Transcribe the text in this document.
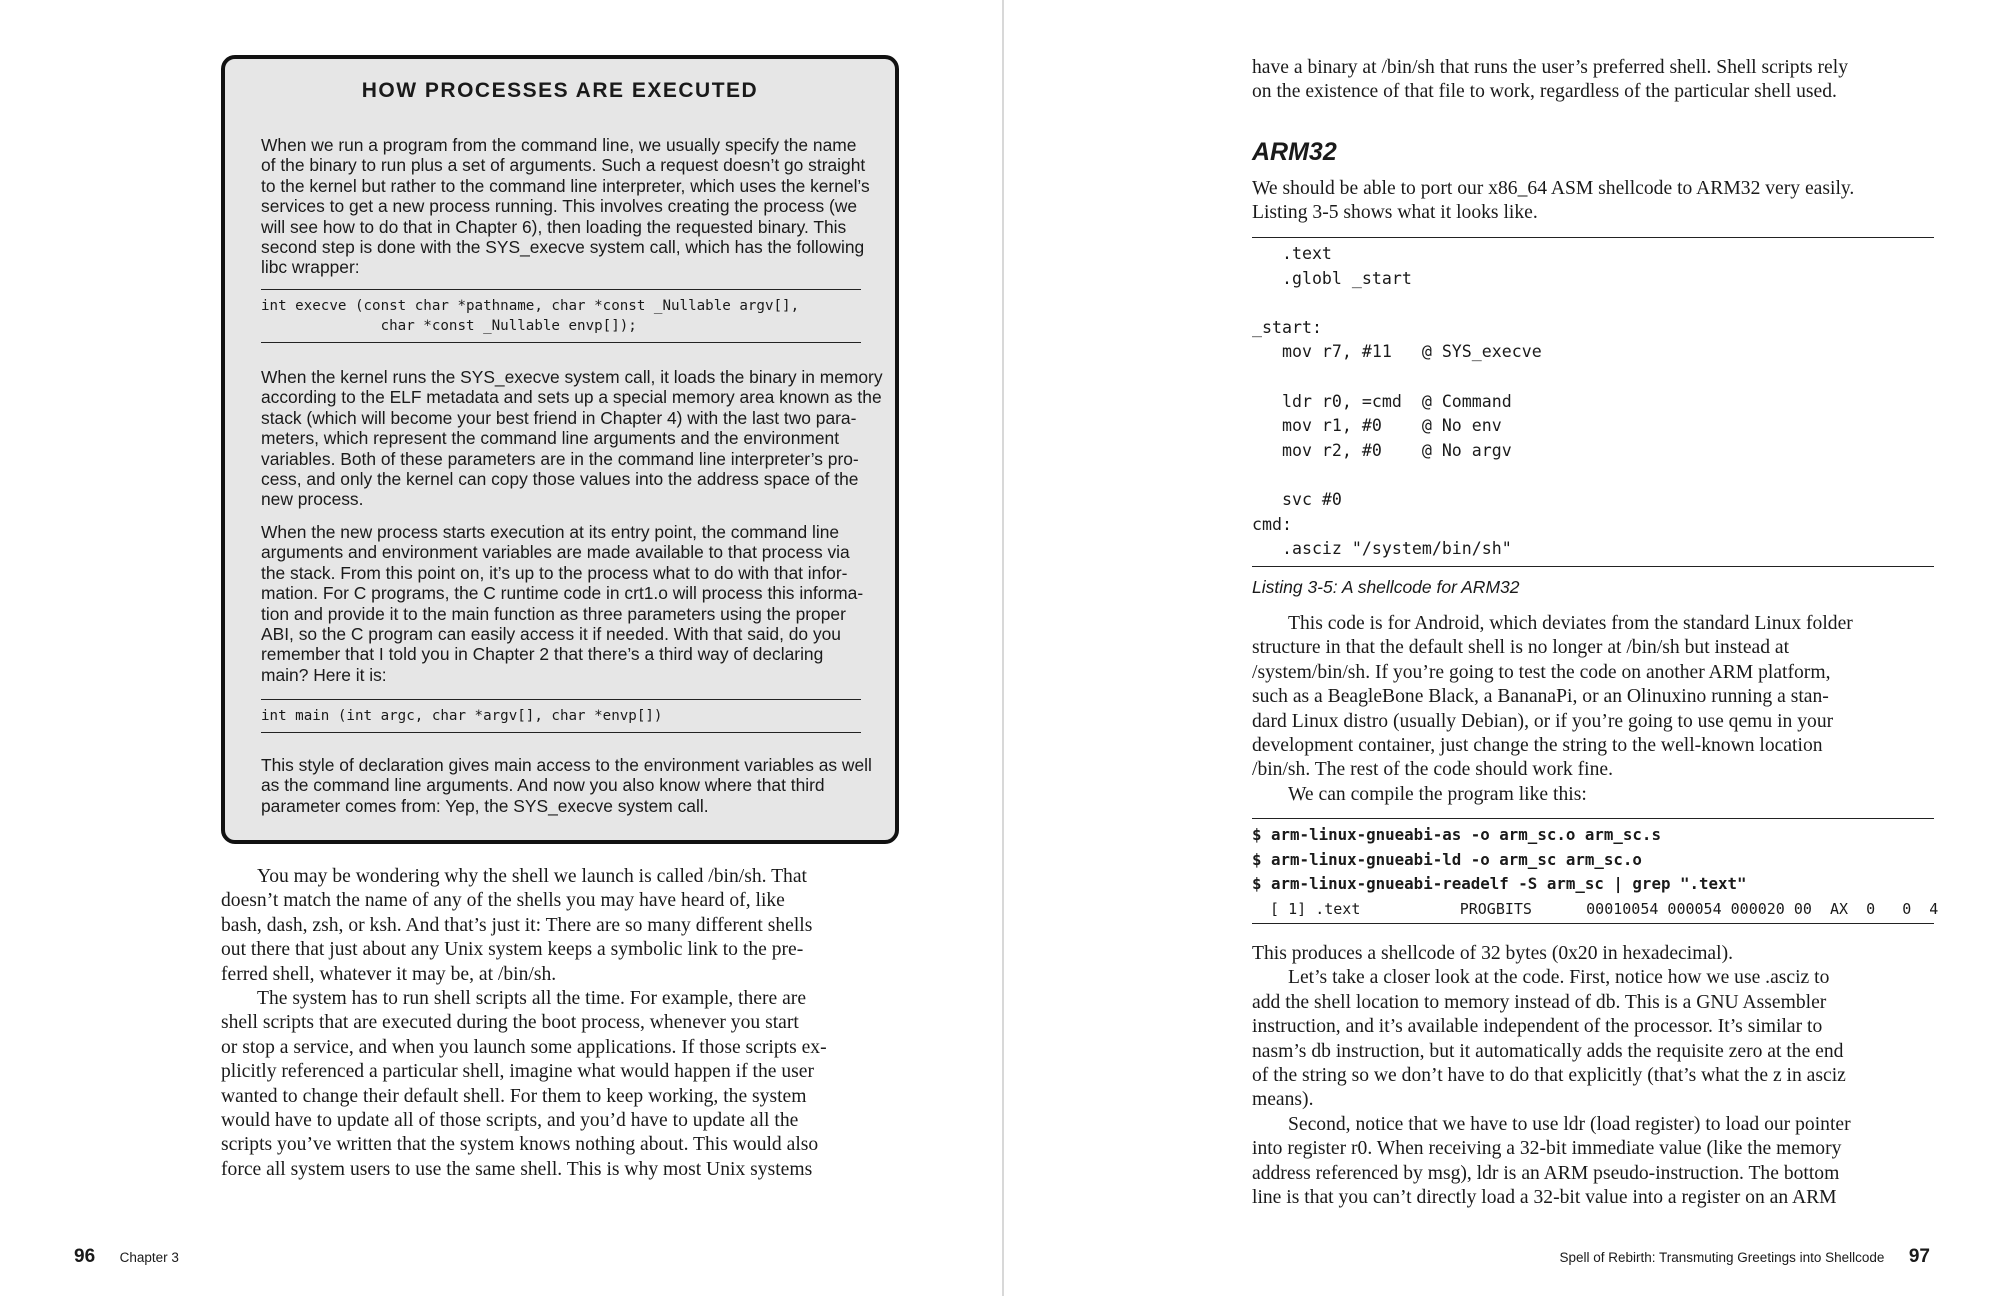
HOW PROCESSES ARE EXECUTED
When we run a program from the command line, we usually specify the name
of the binary to run plus a set of arguments. Such a request doesn’t go straight
to the kernel but rather to the command line interpreter, which uses the kernel’s
services to get a new process running. This involves creating the process (we
will see how to do that in Chapter 6), then loading the requested binary. This
second step is done with the SYS_execve system call, which has the following
libc wrapper:
int execve (const char *pathname, char *const _Nullable argv[],
char *const _Nullable envp[]);
When the kernel runs the SYS_execve system call, it loads the binary in memory
according to the ELF metadata and sets up a special memory area known as the
stack (which will become your best friend in Chapter 4) with the last two para-
meters, which represent the command line arguments and the environment
variables. Both of these parameters are in the command line interpreter’s pro-
cess, and only the kernel can copy those values into the address space of the
new process.
When the new process starts execution at its entry point, the command line
arguments and environment variables are made available to that process via
the stack. From this point on, it’s up to the process what to do with that infor-
mation. For C programs, the C runtime code in crt1.o will process this informa-
tion and provide it to the main function as three parameters using the proper
ABI, so the C program can easily access it if needed. With that said, do you
remember that I told you in Chapter 2 that there’s a third way of declaring
main? Here it is:
int main (int argc, char *argv[], char *envp[])
This style of declaration gives main access to the environment variables as well
as the command line arguments. And now you also know where that third
parameter comes from: Yep, the SYS_execve system call.
You may be wondering why the shell we launch is called /bin/sh. That
doesn’t match the name of any of the shells you may have heard of, like
bash, dash, zsh, or ksh. And that’s just it: There are so many different shells
out there that just about any Unix system keeps a symbolic link to the pre-
ferred shell, whatever it may be, at /bin/sh.
The system has to run shell scripts all the time. For example, there are
shell scripts that are executed during the boot process, whenever you start
or stop a service, and when you launch some applications. If those scripts ex-
plicitly referenced a particular shell, imagine what would happen if the user
wanted to change their default shell. For them to keep working, the system
would have to update all of those scripts, and you’d have to update all the
scripts you’ve written that the system knows nothing about. This would also
force all system users to use the same shell. This is why most Unix systems
96 Chapter 3
have a binary at /bin/sh that runs the user’s preferred shell. Shell scripts rely
on the existence of that file to work, regardless of the particular shell used.
ARM32
We should be able to port our x86_64 ASM shellcode to ARM32 very easily.
Listing 3-5 shows what it looks like.
.text
.globl _start
_start:
mov r7, #11   @ SYS_execve
ldr r0, =cmd  @ Command
mov r1, #0    @ No env
mov r2, #0    @ No argv
svc #0
cmd:
.asciz "/system/bin/sh"
Listing 3-5: A shellcode for ARM32
This code is for Android, which deviates from the standard Linux folder
structure in that the default shell is no longer at /bin/sh but instead at
/system/bin/sh. If you’re going to test the code on another ARM platform,
such as a BeagleBone Black, a BananaPi, or an Olinuxino running a stan-
dard Linux distro (usually Debian), or if you’re going to use qemu in your
development container, just change the string to the well-known location
/bin/sh. The rest of the code should work fine.
We can compile the program like this:
$ arm-linux-gnueabi-as -o arm_sc.o arm_sc.s
$ arm-linux-gnueabi-ld -o arm_sc arm_sc.o
$ arm-linux-gnueabi-readelf -S arm_sc | grep ".text"
[ 1] .text           PROGBITS      00010054 000054 000020 00  AX  0   0  4
This produces a shellcode of 32 bytes (0x20 in hexadecimal).
Let’s take a closer look at the code. First, notice how we use .asciz to
add the shell location to memory instead of db. This is a GNU Assembler
instruction, and it’s available independent of the processor. It’s similar to
nasm’s db instruction, but it automatically adds the requisite zero at the end
of the string so we don’t have to do that explicitly (that’s what the z in asciz
means).
Second, notice that we have to use ldr (load register) to load our pointer
into register r0. When receiving a 32-bit immediate value (like the memory
address referenced by msg), ldr is an ARM pseudo-instruction. The bottom
line is that you can’t directly load a 32-bit value into a register on an ARM
Spell of Rebirth: Transmuting Greetings into Shellcode 97
